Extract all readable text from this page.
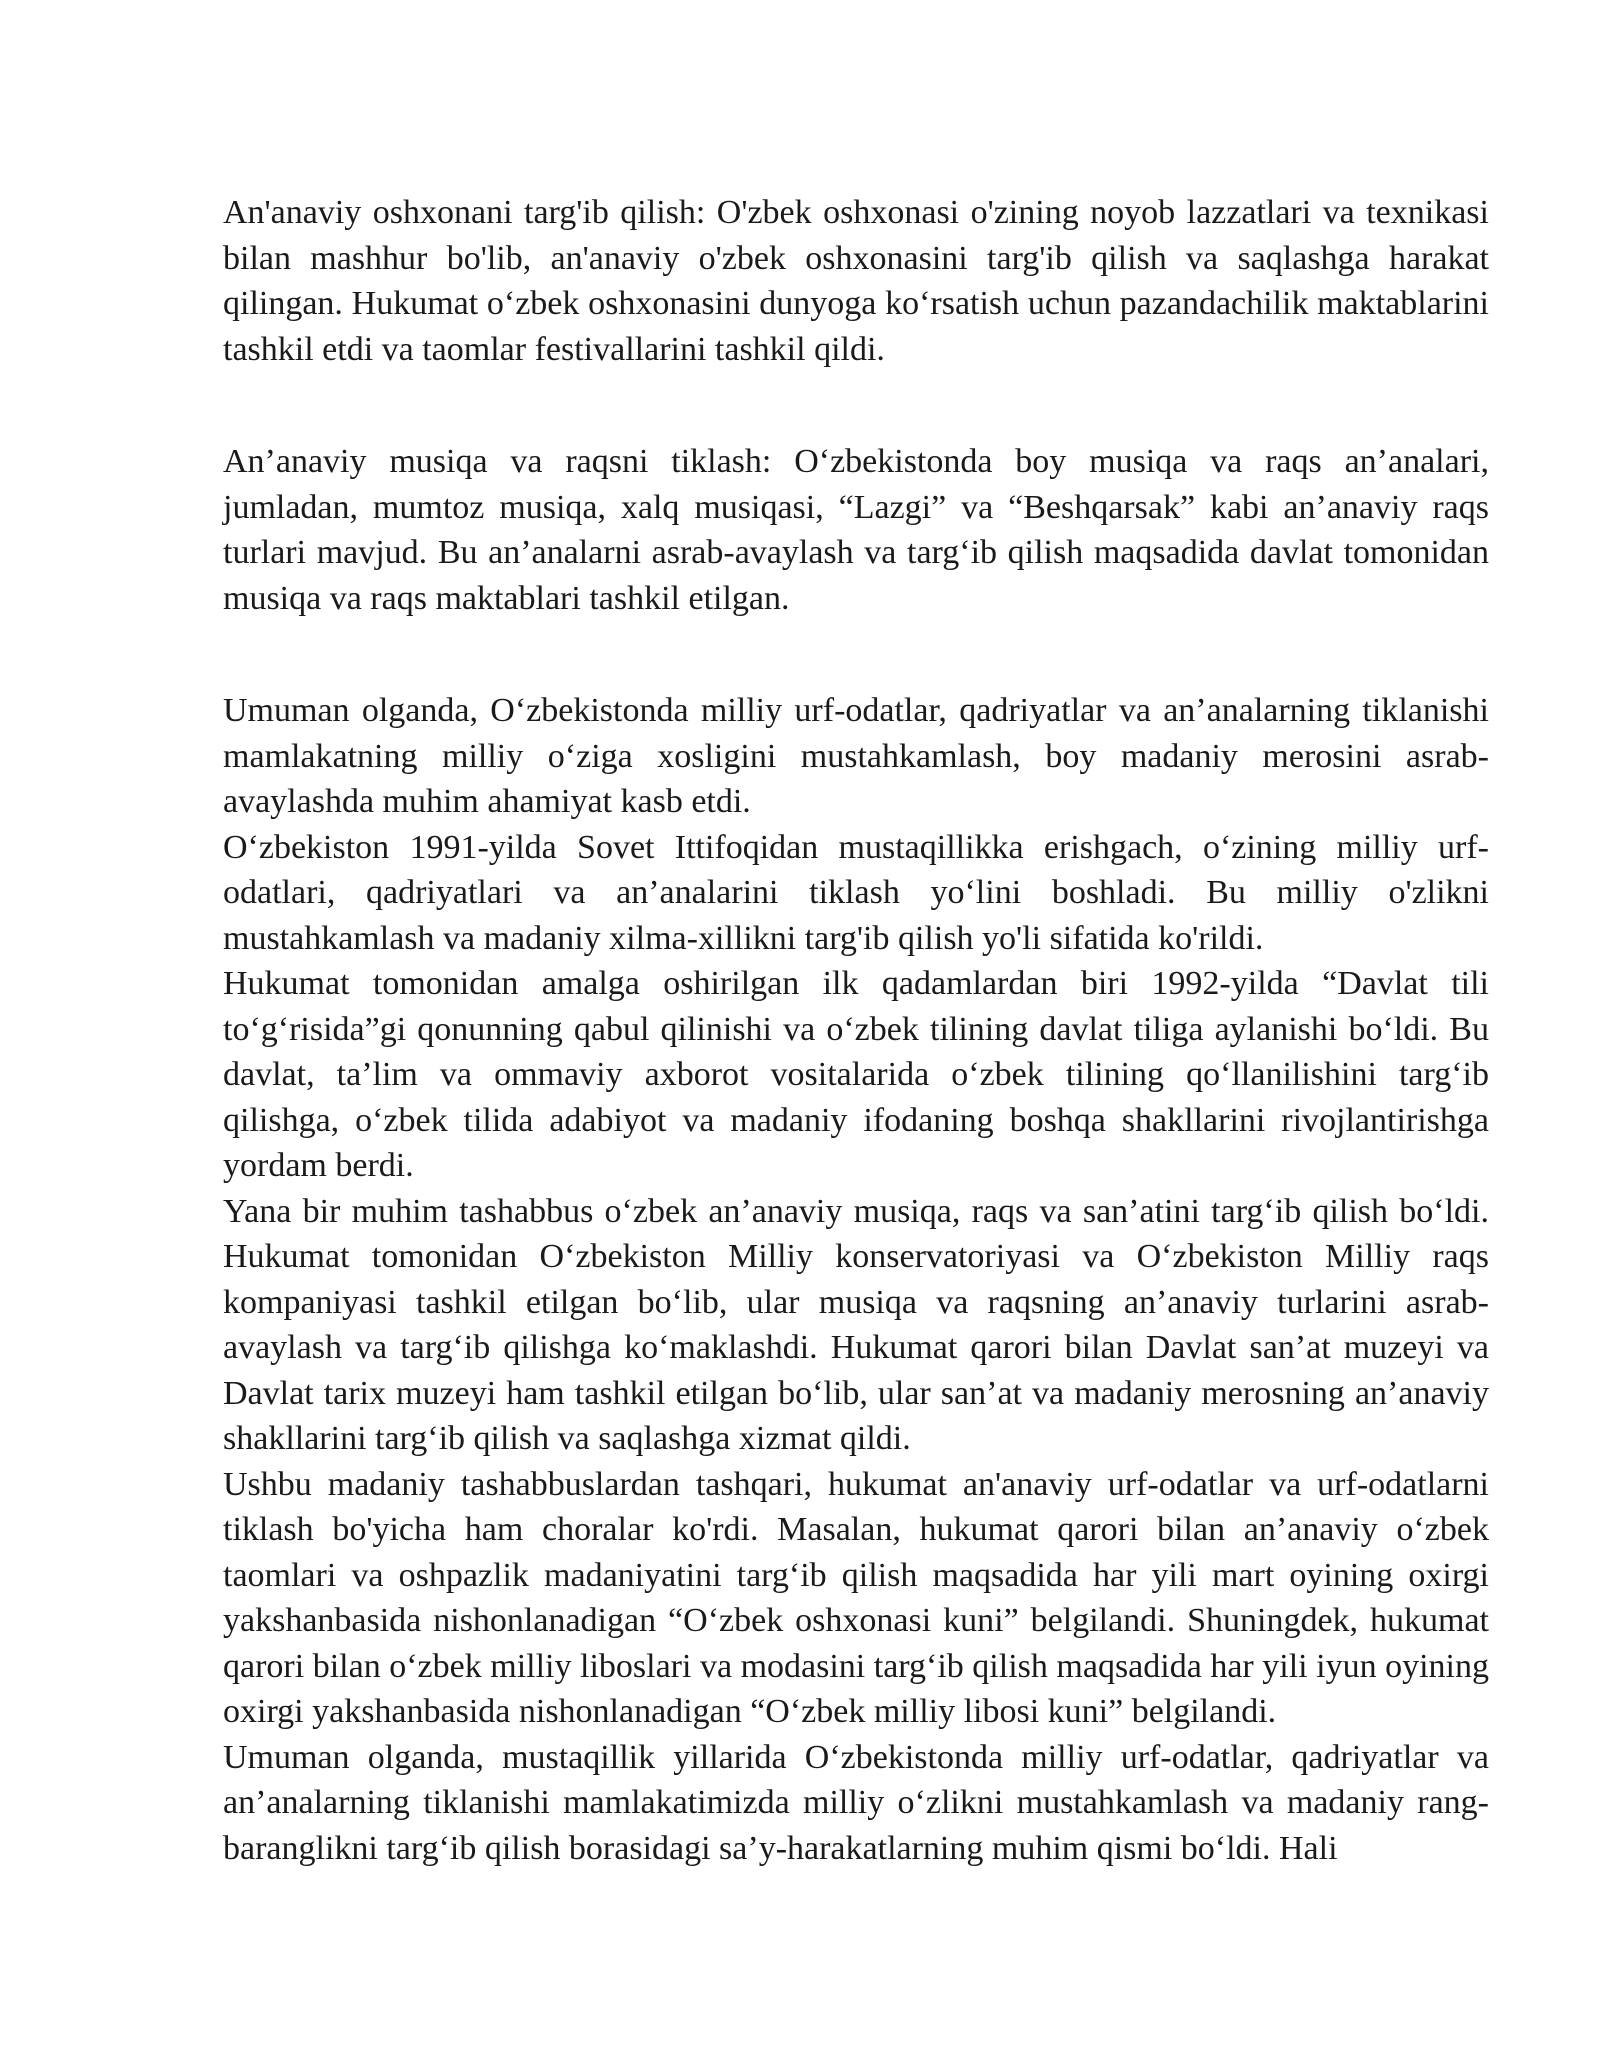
An'anaviy oshxonani targ'ib qilish: O'zbek oshxonasi o'zining noyob lazzatlari va texnikasi bilan mashhur bo'lib, an'anaviy o'zbek oshxonasini targ'ib qilish va saqlashga harakat qilingan. Hukumat o‘zbek oshxonasini dunyoga ko‘rsatish uchun pazandachilik maktablarini tashkil etdi va taomlar festivallarini tashkil qildi.

An’anaviy musiqa va raqsni tiklash: O‘zbekistonda boy musiqa va raqs an’analari, jumladan, mumtoz musiqa, xalq musiqasi, “Lazgi” va “Beshqarsak” kabi an’anaviy raqs turlari mavjud. Bu an’analarni asrab-avaylash va targ‘ib qilish maqsadida davlat tomonidan musiqa va raqs maktablari tashkil etilgan.

Umuman olganda, O‘zbekistonda milliy urf-odatlar, qadriyatlar va an’analarning tiklanishi mamlakatning milliy o‘ziga xosligini mustahkamlash, boy madaniy merosini asrab-avaylashda muhim ahamiyat kasb etdi.

O‘zbekiston 1991-yilda Sovet Ittifoqidan mustaqillikka erishgach, o‘zining milliy urf-odatlari, qadriyatlari va an’analarini tiklash yo‘lini boshladi. Bu milliy o'zlikni mustahkamlash va madaniy xilma-xillikni targ'ib qilish yo'li sifatida ko'rildi.

Hukumat tomonidan amalga oshirilgan ilk qadamlardan biri 1992-yilda “Davlat tili to‘g‘risida”gi qonunning qabul qilinishi va o‘zbek tilining davlat tiliga aylanishi bo‘ldi. Bu davlat, ta’lim va ommaviy axborot vositalarida o‘zbek tilining qo‘llanilishini targ‘ib qilishga, o‘zbek tilida adabiyot va madaniy ifodaning boshqa shakllarini rivojlantirishga yordam berdi.

Yana bir muhim tashabbus o‘zbek an’anaviy musiqa, raqs va san’atini targ‘ib qilish bo‘ldi. Hukumat tomonidan O‘zbekiston Milliy konservatoriyasi va O‘zbekiston Milliy raqs kompaniyasi tashkil etilgan bo‘lib, ular musiqa va raqsning an’anaviy turlarini asrab-avaylash va targ‘ib qilishga ko‘maklashdi. Hukumat qarori bilan Davlat san’at muzeyi va Davlat tarix muzeyi ham tashkil etilgan bo‘lib, ular san’at va madaniy merosning an’anaviy shakllarini targ‘ib qilish va saqlashga xizmat qildi.

Ushbu madaniy tashabbuslardan tashqari, hukumat an'anaviy urf-odatlar va urf-odatlarni tiklash bo'yicha ham choralar ko'rdi. Masalan, hukumat qarori bilan an’anaviy o‘zbek taomlari va oshpazlik madaniyatini targ‘ib qilish maqsadida har yili mart oyining oxirgi yakshanbasida nishonlanadigan “O‘zbek oshxonasi kuni” belgilandi. Shuningdek, hukumat qarori bilan o‘zbek milliy liboslari va modasini targ‘ib qilish maqsadida har yili iyun oyining oxirgi yakshanbasida nishonlanadigan “O‘zbek milliy libosi kuni” belgilandi.

Umuman olganda, mustaqillik yillarida O‘zbekistonda milliy urf-odatlar, qadriyatlar va an’analarning tiklanishi mamlakatimizda milliy o‘zlikni mustahkamlash va madaniy rang-baranglikni targ‘ib qilish borasidagi sa’y-harakatlarning muhim qismi bo‘ldi. Hali
